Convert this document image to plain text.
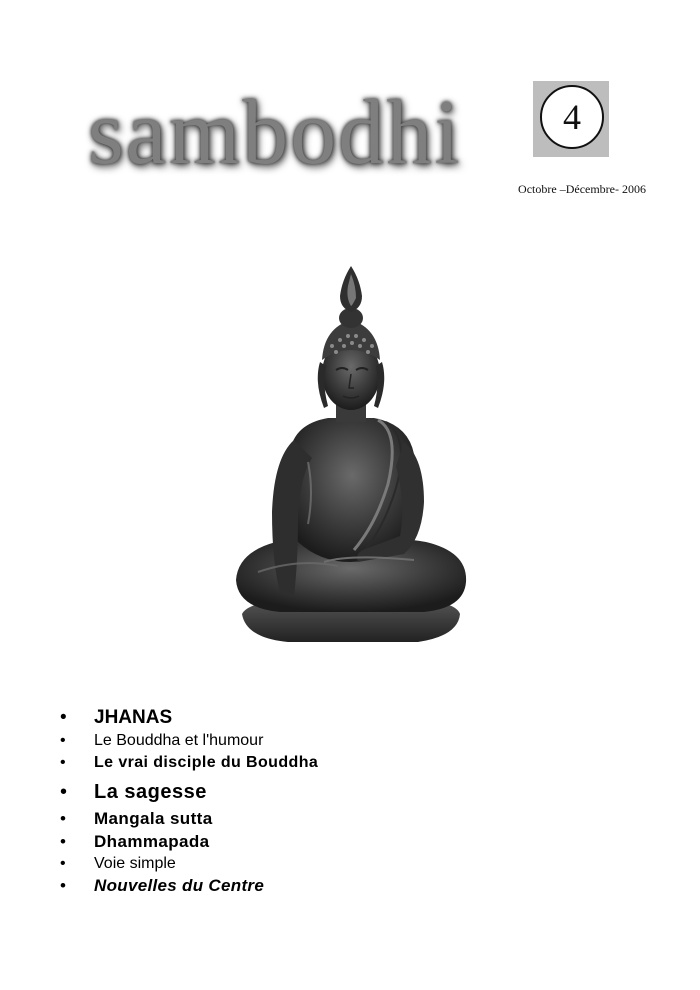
sambodhi	4
Octobre –Décembre- 2006
• JHANAS
• Le Bouddha et l'humour
• Le vrai disciple du Bouddha
• La sagesse
• Mangala sutta
• Dhammapada
• Voie simple
• Nouvelles du Centre
